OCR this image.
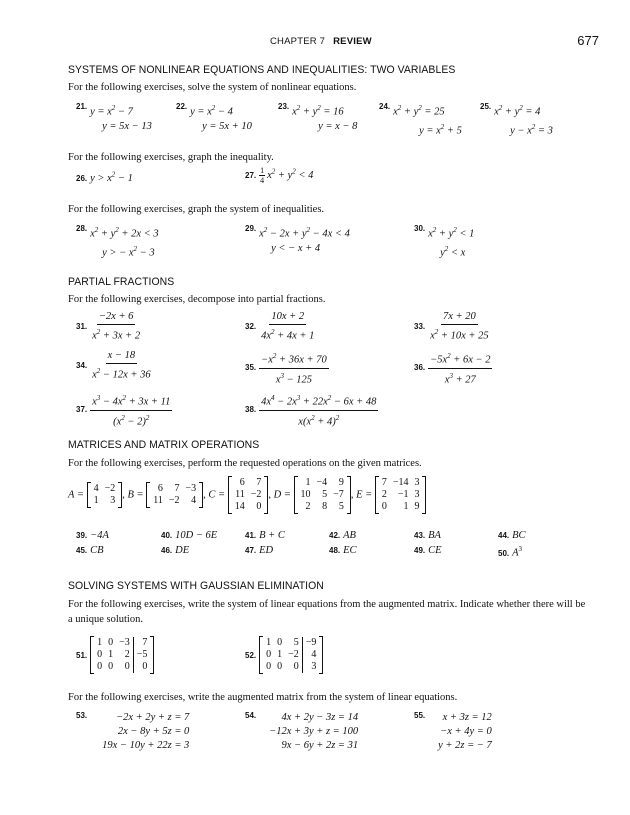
CHAPTER 7 REVIEW	677
SYSTEMS OF NONLINEAR EQUATIONS AND INEQUALITIES: TWO VARIABLES
For the following exercises, solve the system of nonlinear equations.
21. $y = x^2 - 7$
y = 5x − 13
22. $y = x^2 - 4$
y = 5x + 10
23. $x^2 + y^2 = 16$
y = x − 8
24. $x^2 + y^2 = 25$
$y = x^2 + 5$
25. $x^2 + y^2 = 4$
$y - x^2 = 3$
For the following exercises, graph the inequality.
26. $y > x^2 - 1$	27. $\frac{1}{4} x^2 + y^2 < 4$
For the following exercises, graph the system of inequalities.
28. $x^2 + y^2 + 2x < 3$
y > − $x^2 - 3$
29. $x^2 - 2x + y^2 - 4x < 4$
y < − x + 4
30. $x^2 + y^2 < 1$
$y^2 < x$
PARTIAL FRACTIONS
For the following exercises, decompose into partial fractions.
31. $\frac{-2x + 6}{x^2 + 3x + 2}$	32. $\frac{10x + 2}{4x^2 + 4x + 1}$	33. $\frac{7x + 20}{x^2 + 10x + 25}$
34. $\frac{x - 18}{x^2 - 12x + 36}$	35. $\frac{-x^2 + 36x + 70}{x^3 - 125}$	36. $\frac{-5x^2 + 6x - 2}{x^3 + 27}$
37. $\frac{x^3 - 4x^2 + 3x + 11}{(x^2 - 2)^2}$	38. $\frac{4x^4 - 2x^3 + 22x^2 - 6x + 48}{x(x^2 + 4)^2}$
MATRICES AND MATRIX OPERATIONS
For the following exercises, perform the requested operations on the given matrices.
A =
4	−2
1	3 , B =
6	7	−3
11	−2	4 , C =
6	7
11	−2
14	0
, D =
1	−4	9
10	5	−7
2	8	5
, E =
7	−14	3
2	−1	3
0	1	9
39. −4A	40. 10D − 6E	41. B + C	42. AB	43. BA	44. BC
45. CB	46. DE	47. ED	48. EC	49. CE	50. $A^3$
SOLVING SYSTEMS WITH GAUSSIAN ELIMINATION
For the following exercises, write the system of linear equations from the augmented matrix. Indicate whether there will be a unique solution.
51.
1	0	−3	7
0	1	2	−5
0	0	0	0
52.
1	0	5	−9
0	1	−2	4
0	0	0	3
For the following exercises, write the augmented matrix from the system of linear equations.
$^{53.}$	−2x + 2y + z = 7
2x − 8y + 5z = 0
19x − 10y + 22z = 3
$^{54.}$	4x + 2y − 3z = 14
−12x + 3y + z = 100
9x − 6y + 2z = 31
$^{55.}$	x + 3z = 12
−x + 4y = 0
y + 2z = − 7
